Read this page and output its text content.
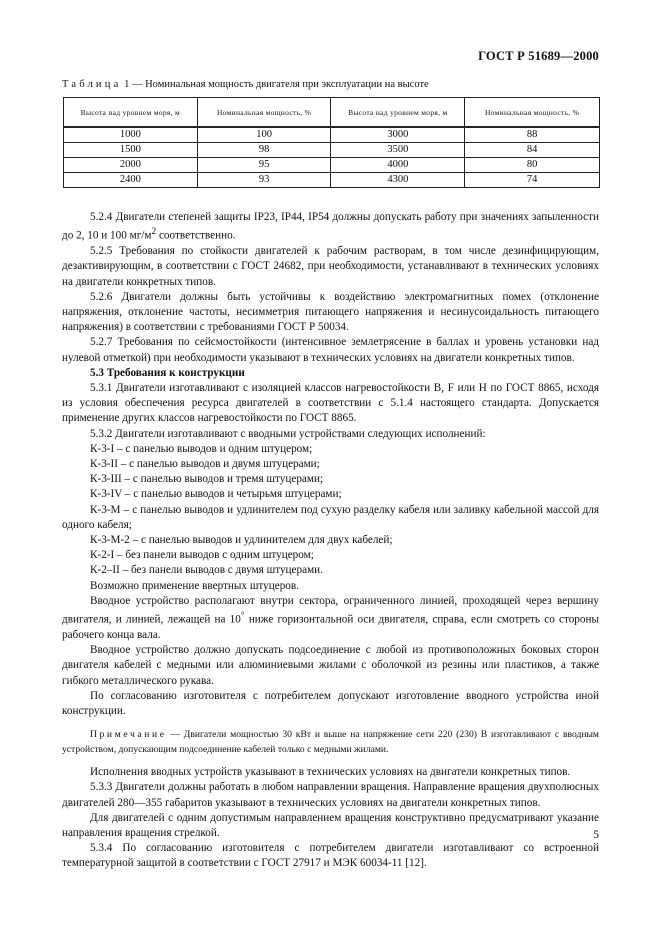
ГОСТ Р 51689—2000
Таблица 1 — Номинальная мощность двигателя при эксплуатации на высоте
Высота над уровнем моря, м	Номинальная мощность, %	Высота над уровнем моря, м	Номинальная мощность, %
1000	100	3000	88
1500	98	3500	84
2000	95	4000	80
2400	93	4300	74

5.2.4 Двигатели степеней защиты IP23, IP44, IP54 должны допускать работу при значениях запыленности до 2, 10 и 100 $мг/м^2$ соответственно.

5.2.5 Требования по стойкости двигателей к рабочим растворам, в том числе дезинфицирующим, дезактивирующим, в соответствии с ГОСТ 24682, при необходимости, устанавливают в технических условиях на двигатели конкретных типов.

5.2.6 Двигатели должны быть устойчивы к воздействию электромагнитных помех (отклонение напряжения, отклонение частоты, несимметрия питающего напряжения и несинусоидальность питающего напряжения) в соответствии с требованиями ГОСТ Р 50034.

5.2.7 Требования по сейсмостойкости (интенсивное землетрясение в баллах и уровень установки над нулевой отметкой) при необходимости указывают в технических условиях на двигатели конкретных типов.

5.3 Требования к конструкции

5.3.1 Двигатели изготавливают с изоляцией классов нагревостойкости B, F или H по ГОСТ 8865, исходя из условия обеспечения ресурса двигателей в соответствии с 5.1.4 настоящего стандарта. Допускается применение других классов нагревостойкости по ГОСТ 8865.

5.3.2 Двигатели изготавливают с вводными устройствами следующих исполнений:

К-3-I – с панелью выводов и одним штуцером;

К-3-II – с панелью выводов и двумя штуцерами;

К-3-III – с панелью выводов и тремя штуцерами;

К-3-IV – с панелью выводов и четырьмя штуцерами;

К-3-М – с панелью выводов и удлинителем под сухую разделку кабеля или заливку кабельной массой для одного кабеля;

К-3-М-2 – с панелью выводов и удлинителем для двух кабелей;

К-2-I – без панели выводов с одним штуцером;

К-2–II – без панели выводов с двумя штуцерами.

Возможно применение ввертных штуцеров.

Вводное устройство располагают внутри сектора, ограниченного линией, проходящей через вершину двигателя, и линией, лежащей на 10° ниже горизонтальной оси двигателя, справа, если смотреть со стороны рабочего конца вала.

Вводное устройство должно допускать подсоединение с любой из противоположных боковых сторон двигателя кабелей с медными или алюминиевыми жилами с оболочкой из резины или пластиков, а также гибкого металлического рукава.

По согласованию изготовителя с потребителем допускают изготовление вводного устройства иной конструкции.

Примечание — Двигатели мощностью 30 кВт и выше на напряжение сети 220 (230) В изготавливают с вводным устройством, допускающим подсоединение кабелей только с медными жилами.

Исполнения вводных устройств указывают в технических условиях на двигатели конкретных типов.

5.3.3 Двигатели должны работать в любом направлении вращения. Направление вращения двухполюсных двигателей 280—355 габаритов указывают в технических условиях на двигатели конкретных типов.

Для двигателей с одним допустимым направлением вращения конструктивно предусматривают указание направления вращения стрелкой.

5.3.4 По согласованию изготовителя с потребителем двигатели изготавливают со встроенной температурной защитой в соответствии с ГОСТ 27917 и МЭК 60034-11 [12].

5
